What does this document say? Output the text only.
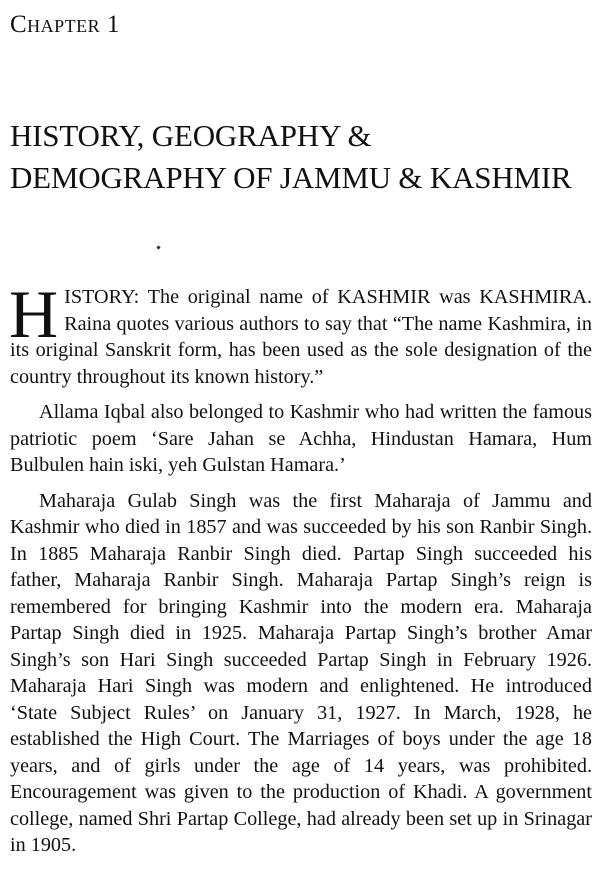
Chapter 1
HISTORY, GEOGRAPHY & DEMOGRAPHY OF JAMMU & KASHMIR

HISTORY: The original name of KASHMIR was KASHMIRA. Raina quotes various authors to say that “The name Kashmira, in its original Sanskrit form, has been used as the sole designation of the country throughout its known history.”

Allama Iqbal also belonged to Kashmir who had written the famous patriotic poem ‘Sare Jahan se Achha, Hindustan Hamara, Hum Bulbulen hain iski, yeh Gulstan Hamara.’

Maharaja Gulab Singh was the first Maharaja of Jammu and Kashmir who died in 1857 and was succeeded by his son Ranbir Singh. In 1885 Maharaja Ranbir Singh died. Partap Singh succeeded his father, Maharaja Ranbir Singh. Maharaja Partap Singh’s reign is remembered for bringing Kashmir into the modern era. Maharaja Partap Singh died in 1925. Maharaja Partap Singh’s brother Amar Singh’s son Hari Singh succeeded Partap Singh in February 1926. Maharaja Hari Singh was modern and enlightened. He introduced ‘State Subject Rules’ on January 31, 1927. In March, 1928, he established the High Court. The Marriages of boys under the age 18 years, and of girls under the age of 14 years, was prohibited. Encouragement was given to the production of Khadi. A government college, named Shri Partap College, had already been set up in Srinagar in 1905.
